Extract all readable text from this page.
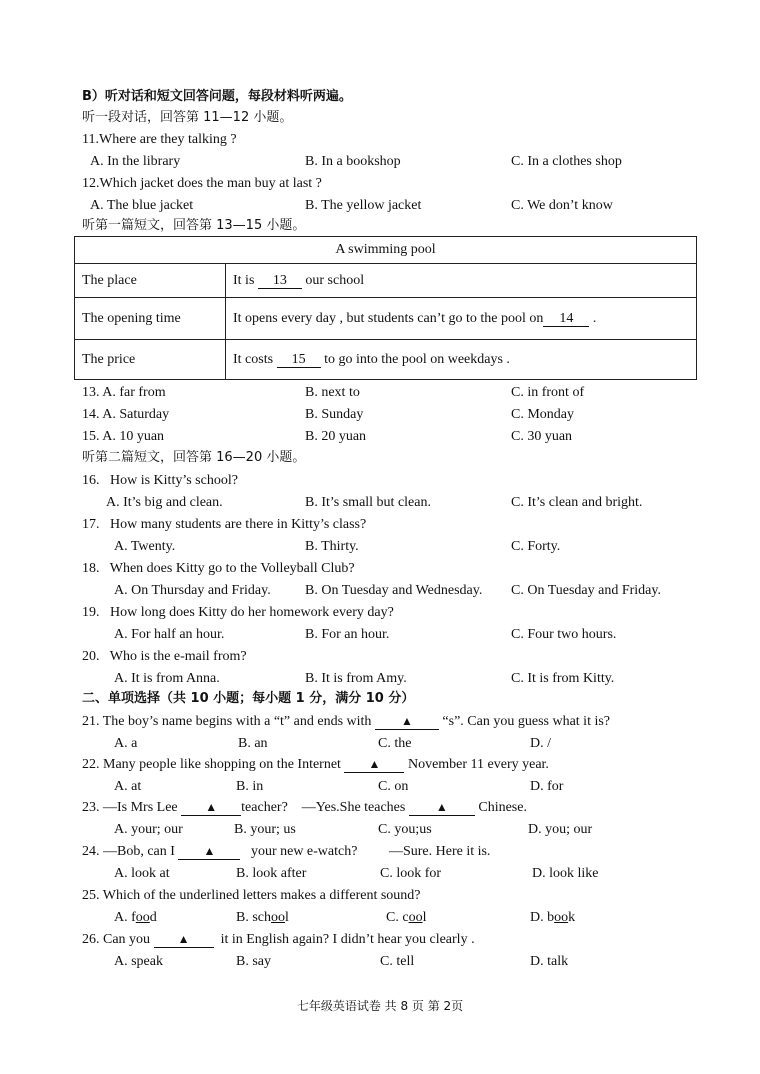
B）听对话和短文回答问题，每段材料听两遍。
听一段对话，回答第 11—12 小题。
11.Where are they talking ?
A. In the library	B. In a bookshop	C. In a clothes shop
12.Which jacket does the man buy at last ?
A. The blue jacket	B. The yellow jacket	C. We don’t know
听第一篇短文，回答第 13—15 小题。
A swimming pool	
The place	It is 13 our school
The opening time	It opens every day , but students can’t go to the pool on 14 .
The price	It costs 15 to go into the pool on weekdays .
13. A. far from	B. next to	C. in front of
14. A. Saturday	B. Sunday	C. Monday
15. A. 10 yuan	B. 20 yuan	C. 30 yuan
听第二篇短文，回答第 16—20 小题。
16. How is Kitty’s school?
A. It’s big and clean.	B. It’s small but clean.	C. It’s clean and bright.
17. How many students are there in Kitty’s class?
A. Twenty.	B. Thirty.	C. Forty.
18. When does Kitty go to the Volleyball Club?
A. On Thursday and Friday. B. On Tuesday and Wednesday. C. On Tuesday and Friday.
19. How long does Kitty do her homework every day?
A. For half an hour.	B. For an hour.	C. Four two hours.
20. Who is the e-mail from?
A. It is from Anna.	B. It is from Amy.	C. It is from Kitty.
二、单项选择（共 10 小题；每小题 1 分，满分 10 分）
21. The boy’s name begins with a “t” and ends with ▲ “s”. Can you guess what it is?
A. a	B. an	C. the	D. /
22. Many people like shopping on the Internet ▲ November 11 every year.
A. at	B. in	C. on	D. for
23. —Is Mrs Lee ▲ teacher? —Yes.She teaches	▲ Chinese.
A. your; our	B. your; us	C. you;us	D. you; our
24. —Bob, can I ▲	your new e-watch? —Sure. Here it is.
A. look at	B. look after	C. look for	D. look like
25. Which of the underlined letters makes a different sound?
A. food	B. school	C. cool	D. book
26. Can you ▲ it in English again? I didn’t hear you clearly .
A. speak	B. say	C. tell	D. talk
七年级英语试卷 共 8 页 第 2页
